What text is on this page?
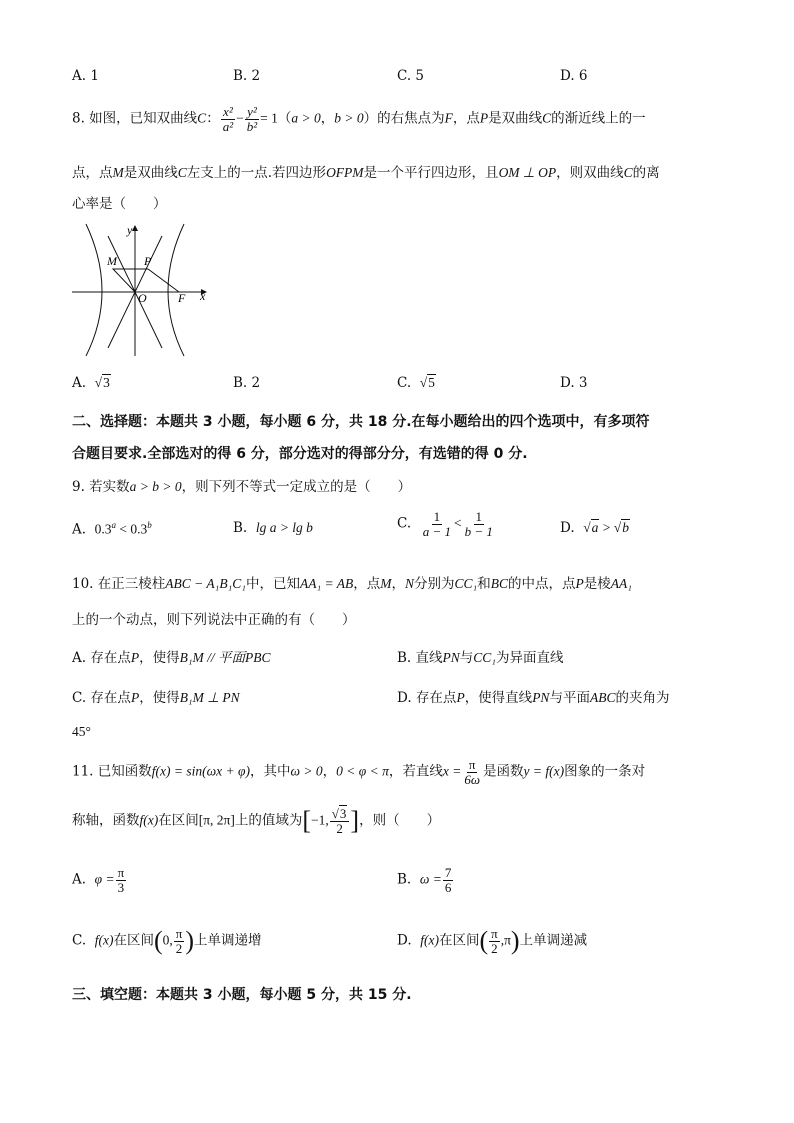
A. 1	B. 2	C. 5	D. 6
8. 如图，已知双曲线C： $\frac{\text{x²}}{\text{a²}} - \frac{\text{y²}}{\text{b²}} = 1(a > 0$，b > 0）的右焦点为F，点P是双曲线C的渐近线上的一
点，点M是双曲线C左支上的一点.若四边形OFPM是一个平行四边形，且OM ⊥ OP，则双曲线C的离
心率是（　　）
y
x
O
M P
F
A. √3	B. 2	C. √5	D. 3
二、选择题：本题共 3 小题，每小题 6 分，共 18 分.在每小题给出的四个选项中，有多项符
合题目要求.全部选对的得 6 分，部分选对的得部分分，有选错的得 0 分.
9. 若实数a > b > 0，则下列不等式一定成立的是（　　）
A. 0.3$^a$ < 0.3$^b$	B. lg a > lg b	C. $\frac{1}{a - 1} < \frac{1}{b - 1}$	D. √a > √b
10. 在正三棱柱ABC − A₁B₁C₁中，已知AA₁ = AB，点M，N分别为CC₁和BC的中点，点P是棱AA₁
上的一个动点，则下列说法中正确的有（　　）
A. 存在点P，使得B₁M // 平面PBC	B. 直线PN与CC₁为异面直线
C. 存在点P，使得B₁M ⊥ PN	D. 存在点P，使得直线PN与平面ABC的夹角为
45°
11. 已知函数f(x) = sin(ωx + φ)，其中ω > 0，0 < φ < π，若直线$x = \frac{\pi}{6\omega}$ 是函数y = f(x)图象的一条对
称轴，函数f(x)在区间[π, 2π]上的值域为[−1, $\frac{√3}{2}$ ]，则（　　）
A. $\varphi = \frac{\pi}{3}$	B. $\omega = \frac{7}{6}$
C. f(x)在区间(0, $\frac{\pi}{2}$ )上单调递增	D. f(x)在区间( $\frac{\pi}{2} ,\pi$)上单调递减
三、填空题：本题共 3 小题，每小题 5 分，共 15 分.
